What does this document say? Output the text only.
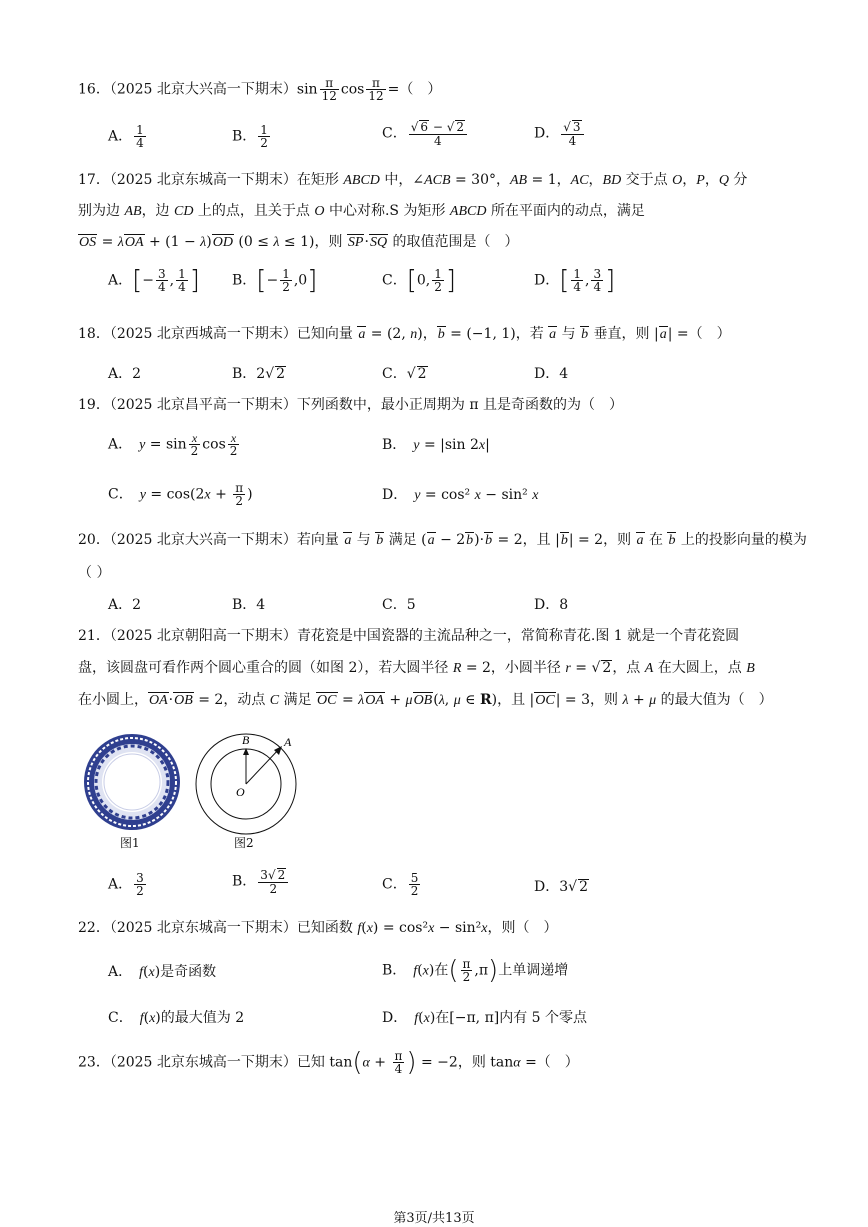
16．（2025 北京大兴高一下期末）$\sin \frac{\pi}{12}$ $\cos \frac{\pi}{12}$ =（　）
A． $\frac{1}{4}$	B． $\frac{1}{2}$	C． $\frac{√ 6 - √ 2}{4}$	D． $\frac{√ 3}{4}$
17．（2025 北京东城高一下期末）在矩形 ABCD 中，∠ACB = 30°，AB = 1，AC，BD 交于点 O，P，Q 分
别为边 AB，边 CD 上的点，且关于点 O 中心对称.S 为矩形 ABCD 所在平面内的动点，满足
OS = λOA + (1 − λ)OD (0 ≤ λ ≤ 1)，则 SP·SQ 的取值范围是（　）
A．[− $\frac{3}{4}$ , $\frac{1}{4}$ ] B．[− $\frac{1}{2} ,0$]	C．[0, $\frac{1}{2}$ ]	D．[ $\frac{1}{4}$ , $\frac{3}{4}$ ]
18．（2025 北京西城高一下期末）已知向量 a = (2, n)，b = (−1, 1)，若 a 与 b 垂直，则 |a| =（　）
A．2	B．2√ 2	C．√ 2	D．4
19．（2025 北京昌平高一下期末）下列函数中，最小正周期为 π 且是奇函数的为（　）
A．　$y = \sin \frac{x}{2}$ $\cos \frac{x}{2}$	B．　y = |sin 2x|
C．　$y = \cos(2x + \frac{\pi}{2}$ )	D．　y = cos² x − sin² x
20．（2025 北京大兴高一下期末）若向量 a 与 b 满足 (a − 2b)·b = 2，且 |b| = 2，则 a 在 b 上的投影向量的模为
（ ）
A．2	B．4	C．5	D．8
21．（2025 北京朝阳高一下期末）青花瓷是中国瓷器的主流品种之一，常简称青花.图 1 就是一个青花瓷圆
盘，该圆盘可看作两个圆心重合的圆（如图 2），若大圆半径 R = 2，小圆半径 r = √ 2，点 A 在大圆上，点 B
在小圆上，OA·OB = 2，动点 C 满足 OC = λOA + μOB(λ, μ ∈ R)，且 |OC| = 3，则 λ + μ 的最大值为（　）
图1
B	A
O
图2
A． $\frac{3}{2}$	B． $\frac{3√ 2}{2}$	C． $\frac{5}{2}$	D．3√ 2
22．（2025 北京东城高一下期末）已知函数 f(x) = cos²x − sin²x，则（　）
A．　f(x)是奇函数	B．　f(x)在( $\frac{\pi}{2} ,\pi$)上单调递增
C．　f(x)的最大值为 2	D．　f(x)在[−π, π]内有 5 个零点
23．（2025 北京东城高一下期末）已知 $\tan(\alpha + \frac{\pi}{4}$ ) = −2，则 tanα =（　）
第3页/共13页
